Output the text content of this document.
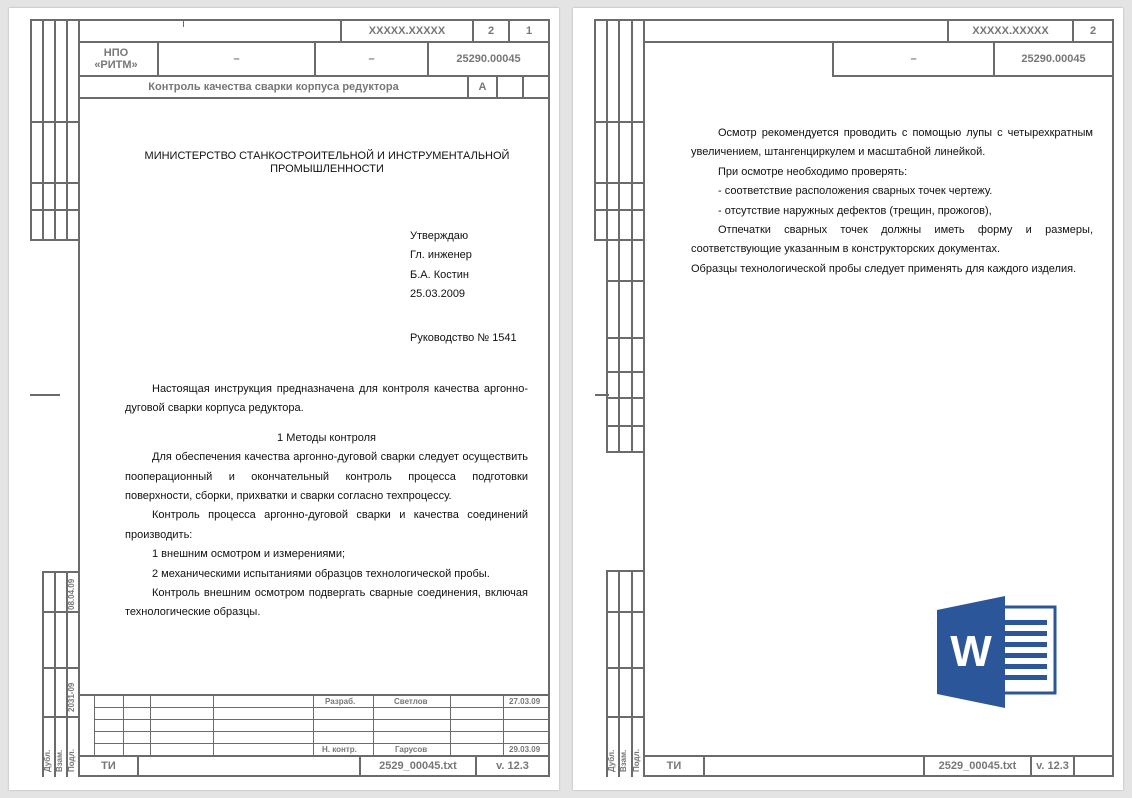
08.04.09
2031-09
Дубл. Взам. Подл.
XXXXX.XXXXX	2	1
НПО «РИТМ»	–	–	25290.00045
Контроль качества сварки корпуса редуктора	А
МИНИСТЕРСТВО СТАНКОСТРОИТЕЛЬНОЙ И ИНСТРУМЕНТАЛЬНОЙ ПРОМЫШЛЕННОСТИ

Утверждаю

Гл. инженер

Б.А. Костин

25.03.2009

Руководство № 1541

Настоящая инструкция предназначена для контроля качества аргонно-дуговой сварки корпуса редуктора.

1 Методы контроля

Для обеспечения качества аргонно-дуговой сварки следует осуществить пооперационный и окончательный контроль процесса подготовки поверхности, сборки, прихватки и сварки согласно техпроцессу.

Контроль процесса аргонно-дуговой сварки и качества соединений производить:

1 внешним осмотром и измерениями;

2 механическими испытаниями образцов технологической пробы.

Контроль внешним осмотром подвергать сварные соединения, включая технологические образцы.

Разраб.	Светлов	27.03.09
Н. контр.	Гарусов	29.03.09
ТИ	2529_00045.txt	v. 12.3
XXXXX.XXXXX	2
–	25290.00045
Дубл. Взам. Подл.

Осмотр рекомендуется проводить с помощью лупы с четырехкратным увеличением, штангенциркулем и масштабной линейкой.

При осмотре необходимо проверять:

- соответствие расположения сварных точек чертежу.

- отсутствие наружных дефектов (трещин, прожогов),

Отпечатки сварных точек должны иметь форму и размеры, соответствующие указанным в конструкторских документах.

Образцы технологической пробы следует применять для каждого изделия.

W
ТИ	2529_00045.txt	v. 12.3
